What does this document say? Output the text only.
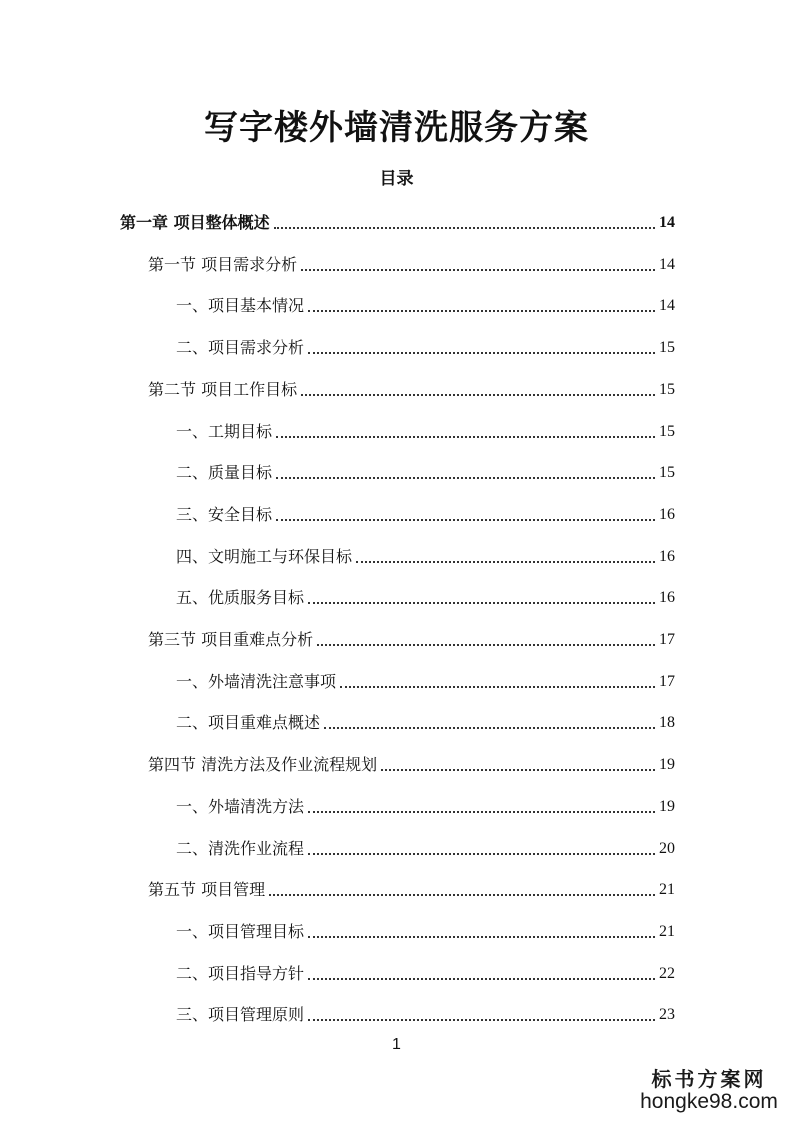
写字楼外墙清洗服务方案
目录
第一章 项目整体概述	14
第一节 项目需求分析	14
一、项目基本情况	14
二、项目需求分析	15
第二节 项目工作目标	15
一、工期目标	15
二、质量目标	15
三、安全目标	16
四、文明施工与环保目标	16
五、优质服务目标	16
第三节 项目重难点分析	17
一、外墙清洗注意事项	17
二、项目重难点概述	18
第四节 清洗方法及作业流程规划	19
一、外墙清洗方法	19
二、清洗作业流程	20
第五节 项目管理	21
一、项目管理目标	21
二、项目指导方针	22
三、项目管理原则	23
1
标书方案网
hongke98.com
